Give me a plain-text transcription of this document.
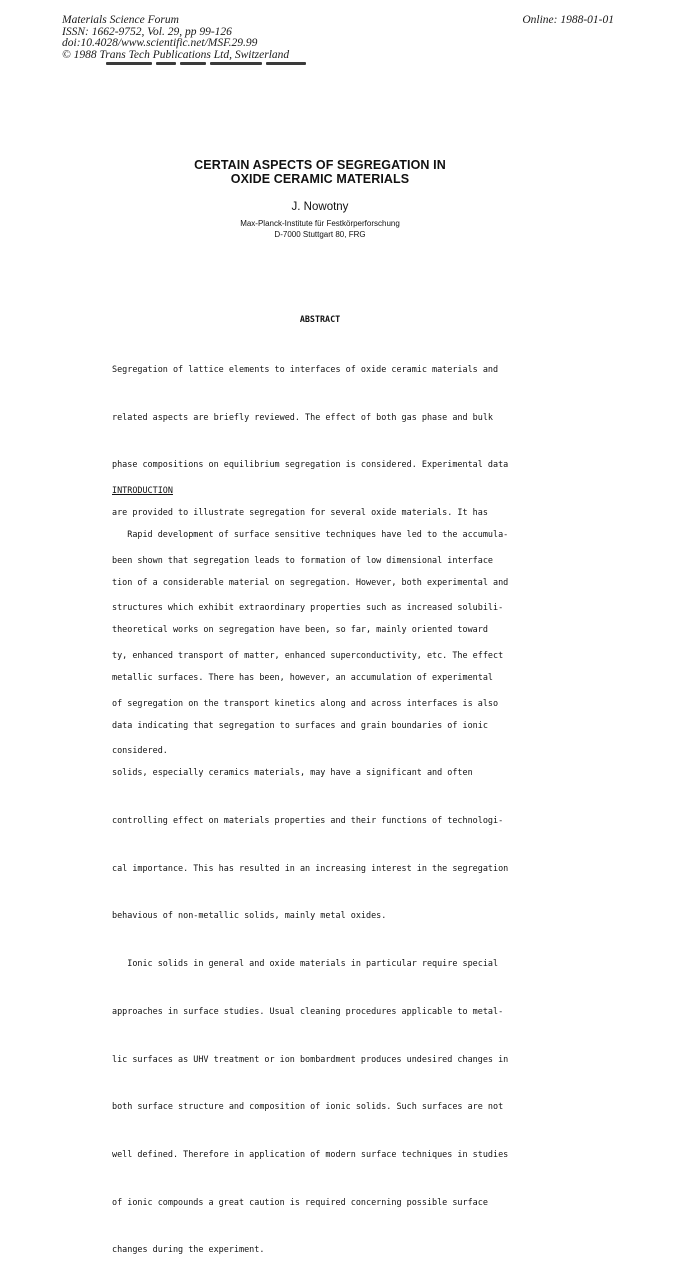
Materials Science Forum
ISSN: 1662-9752, Vol. 29, pp 99-126
doi:10.4028/www.scientific.net/MSF.29.99
© 1988 Trans Tech Publications Ltd, Switzerland
Online: 1988-01-01
CERTAIN ASPECTS OF SEGREGATION IN
OXIDE CERAMIC MATERIALS
J. Nowotny
Max-Planck-Institute für Festkörperforschung
D-7000 Stuttgart 80, FRG
ABSTRACT

Segregation of lattice elements to interfaces of oxide ceramic materials and

related aspects are briefly reviewed. The effect of both gas phase and bulk

phase compositions on equilibrium segregation is considered. Experimental data

are provided to illustrate segregation for several oxide materials. It has

been shown that segregation leads to formation of low dimensional interface

structures which exhibit extraordinary properties such as increased solubili-

ty, enhanced transport of matter, enhanced superconductivity, etc. The effect

of segregation on the transport kinetics along and across interfaces is also

considered.

INTRODUCTION

Rapid development of surface sensitive techniques have led to the accumula-

tion of a considerable material on segregation. However, both experimental and

theoretical works on segregation have been, so far, mainly oriented toward

metallic surfaces. There has been, however, an accumulation of experimental

data indicating that segregation to surfaces and grain boundaries of ionic

solids, especially ceramics materials, may have a significant and often

controlling effect on materials properties and their functions of technologi-

cal importance. This has resulted in an increasing interest in the segregation

behavious of non-metallic solids, mainly metal oxides.

Ionic solids in general and oxide materials in particular require special

approaches in surface studies. Usual cleaning procedures applicable to metal-

lic surfaces as UHV treatment or ion bombardment produces undesired changes in

both surface structure and composition of ionic solids. Such surfaces are not

well defined. Therefore in application of modern surface techniques in studies

of ionic compounds a great caution is required concerning possible surface

changes during the experiment.
